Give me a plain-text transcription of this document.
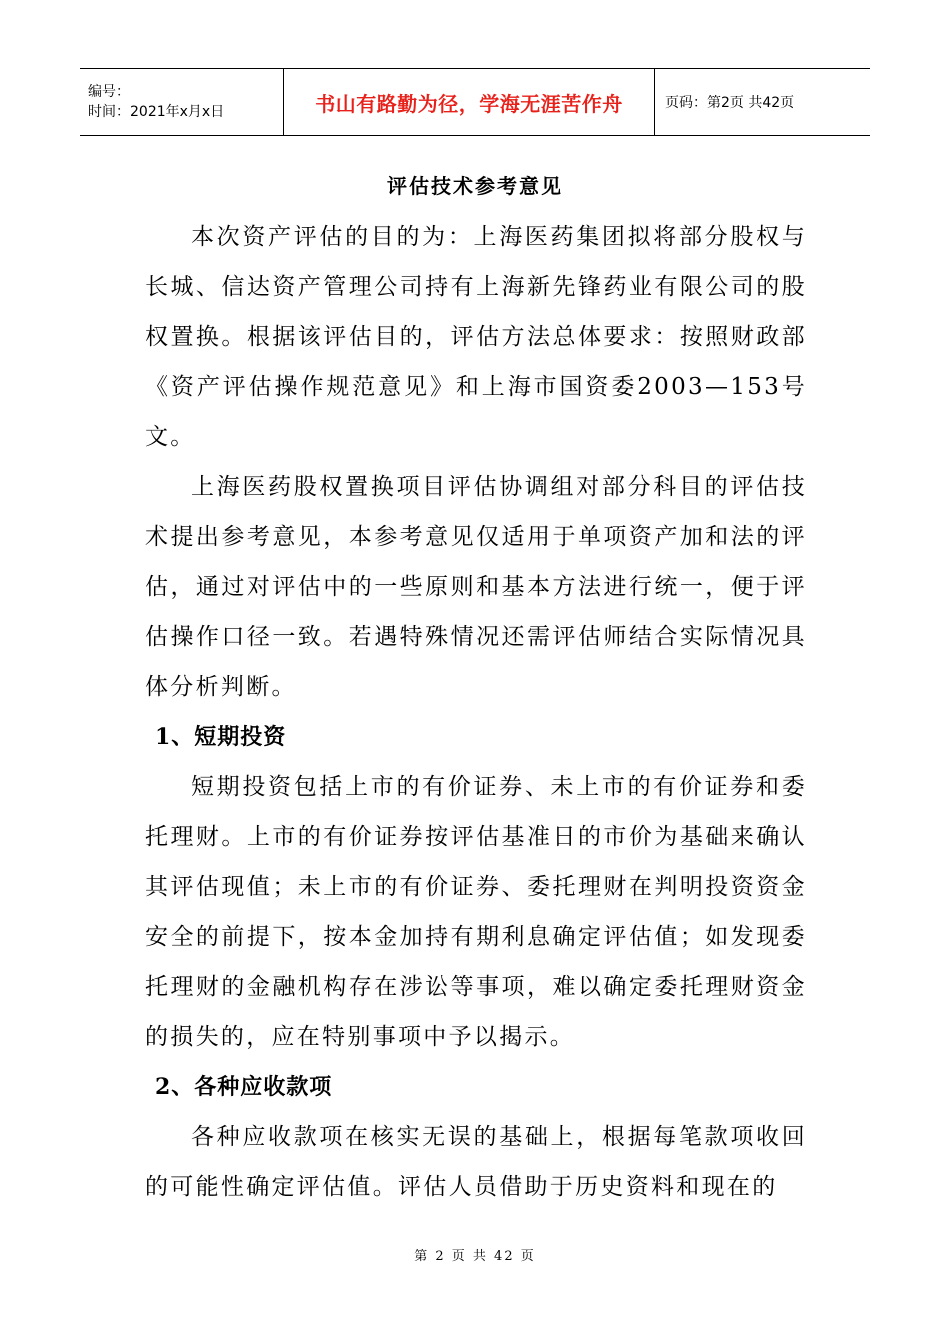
编号：
时间：2021年x月x日	书山有路勤为径，学海无涯苦作舟	页码：第2页 共42页
评估技术参考意见

本次资产评估的目的为：上海医药集团拟将部分股权与长城、信达资产管理公司持有上海新先锋药业有限公司的股权置换。根据该评估目的，评估方法总体要求：按照财政部《资产评估操作规范意见》和上海市国资委2003—153号文。

上海医药股权置换项目评估协调组对部分科目的评估技术提出参考意见，本参考意见仅适用于单项资产加和法的评估，通过对评估中的一些原则和基本方法进行统一，便于评估操作口径一致。若遇特殊情况还需评估师结合实际情况具体分析判断。

1、短期投资

短期投资包括上市的有价证券、未上市的有价证券和委托理财。上市的有价证券按评估基准日的市价为基础来确认其评估现值；未上市的有价证券、委托理财在判明投资资金安全的前提下，按本金加持有期利息确定评估值；如发现委托理财的金融机构存在涉讼等事项，难以确定委托理财资金的损失的，应在特别事项中予以揭示。

2、各种应收款项

各种应收款项在核实无误的基础上，根据每笔款项收回的可能性确定评估值。评估人员借助于历史资料和现在的

第 2 页 共 42 页
